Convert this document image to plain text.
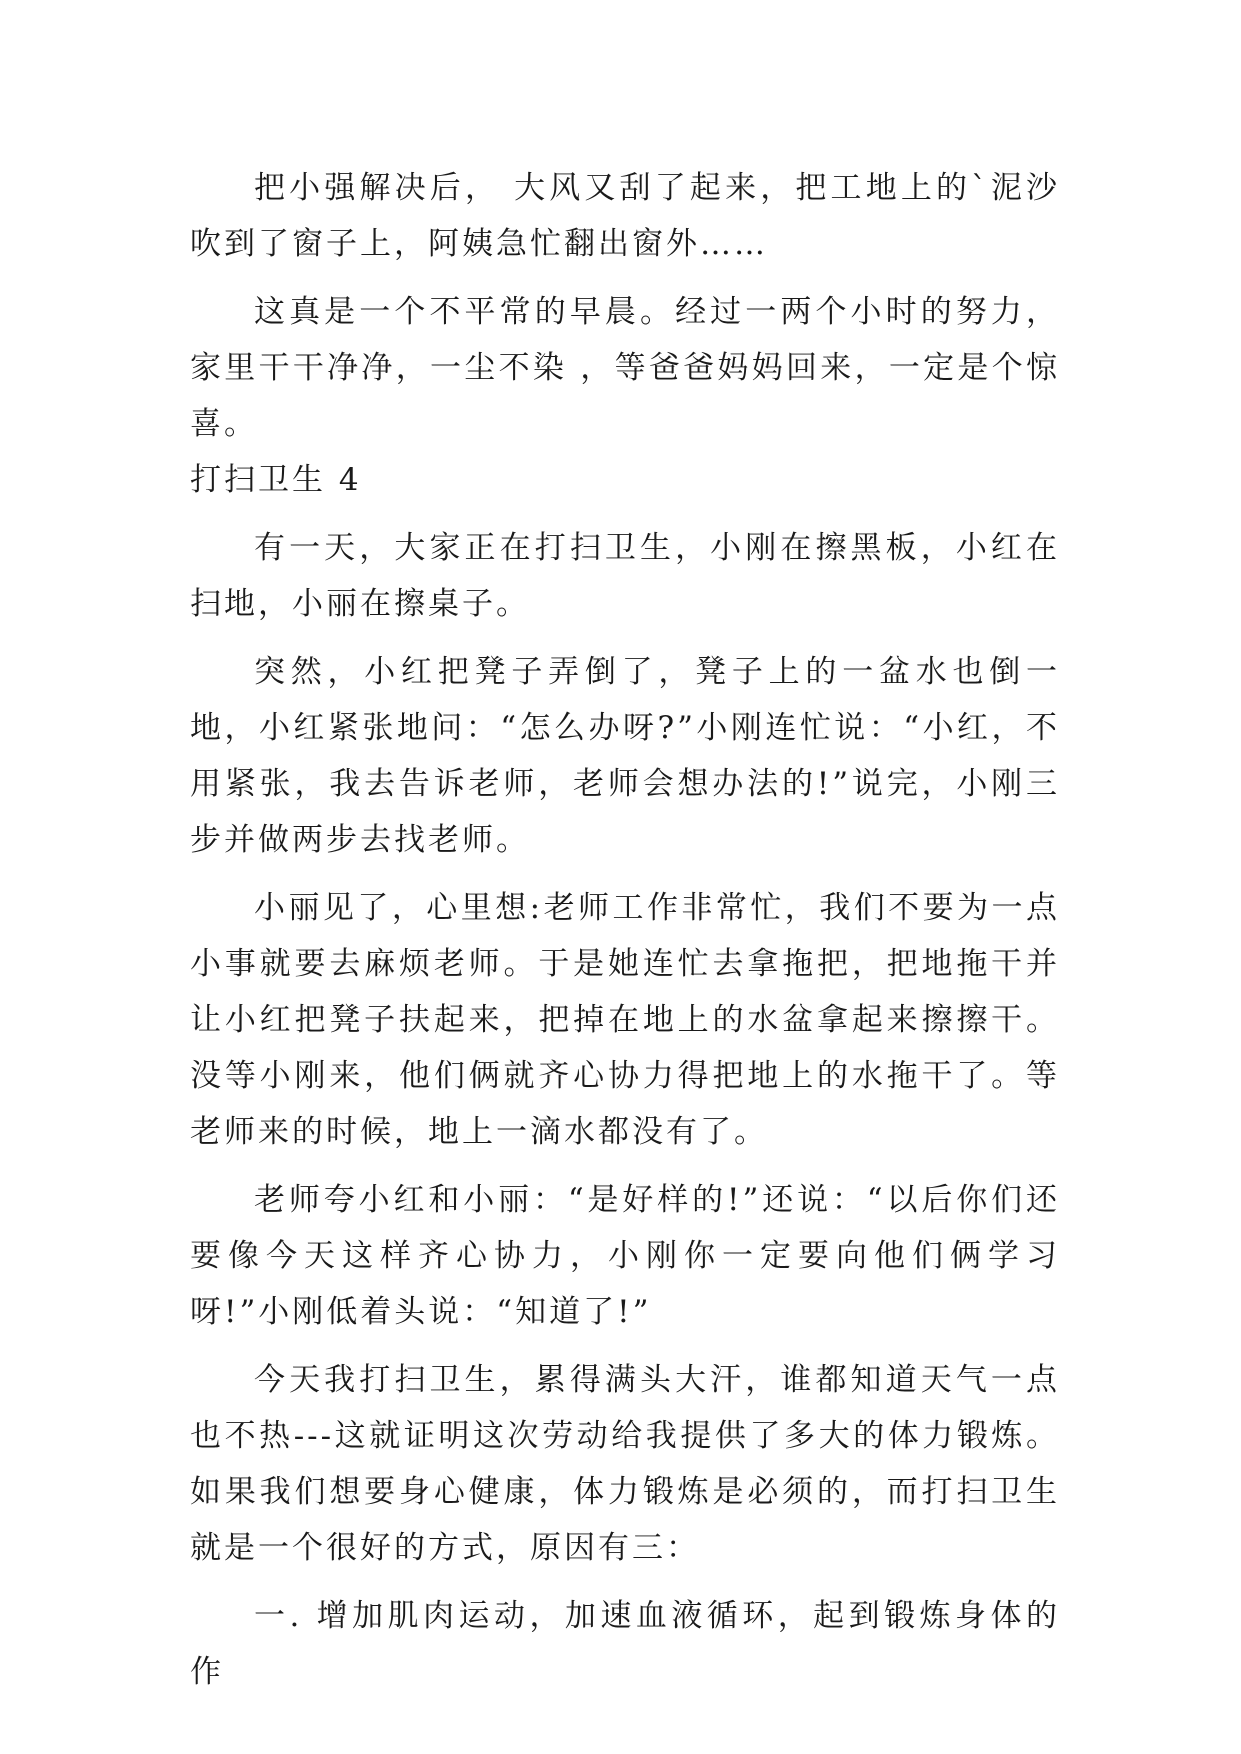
把小强解决后， 大风又刮了起来，把工地上的`泥沙吹到了窗子上，阿姨急忙翻出窗外……

这真是一个不平常的早晨。经过一两个小时的努力，家里干干净净，一尘不染 ，等爸爸妈妈回来，一定是个惊喜。

打扫卫生 4

有一天，大家正在打扫卫生，小刚在擦黑板，小红在扫地，小丽在擦桌子。

突然，小红把凳子弄倒了，凳子上的一盆水也倒一地，小红紧张地问：“怎么办呀?”小刚连忙说：“小红，不用紧张，我去告诉老师，老师会想办法的!”说完，小刚三步并做两步去找老师。

小丽见了，心里想:老师工作非常忙，我们不要为一点小事就要去麻烦老师。于是她连忙去拿拖把，把地拖干并让小红把凳子扶起来，把掉在地上的水盆拿起来擦擦干。没等小刚来，他们俩就齐心协力得把地上的水拖干了。等老师来的时候，地上一滴水都没有了。

老师夸小红和小丽：“是好样的!”还说：“以后你们还要像今天这样齐心协力，小刚你一定要向他们俩学习呀!”小刚低着头说：“知道了!”

今天我打扫卫生，累得满头大汗，谁都知道天气一点也不热---这就证明这次劳动给我提供了多大的体力锻炼。如果我们想要身心健康，体力锻炼是必须的，而打扫卫生就是一个很好的方式，原因有三：

一. 增加肌肉运动，加速血液循环，起到锻炼身体的作
